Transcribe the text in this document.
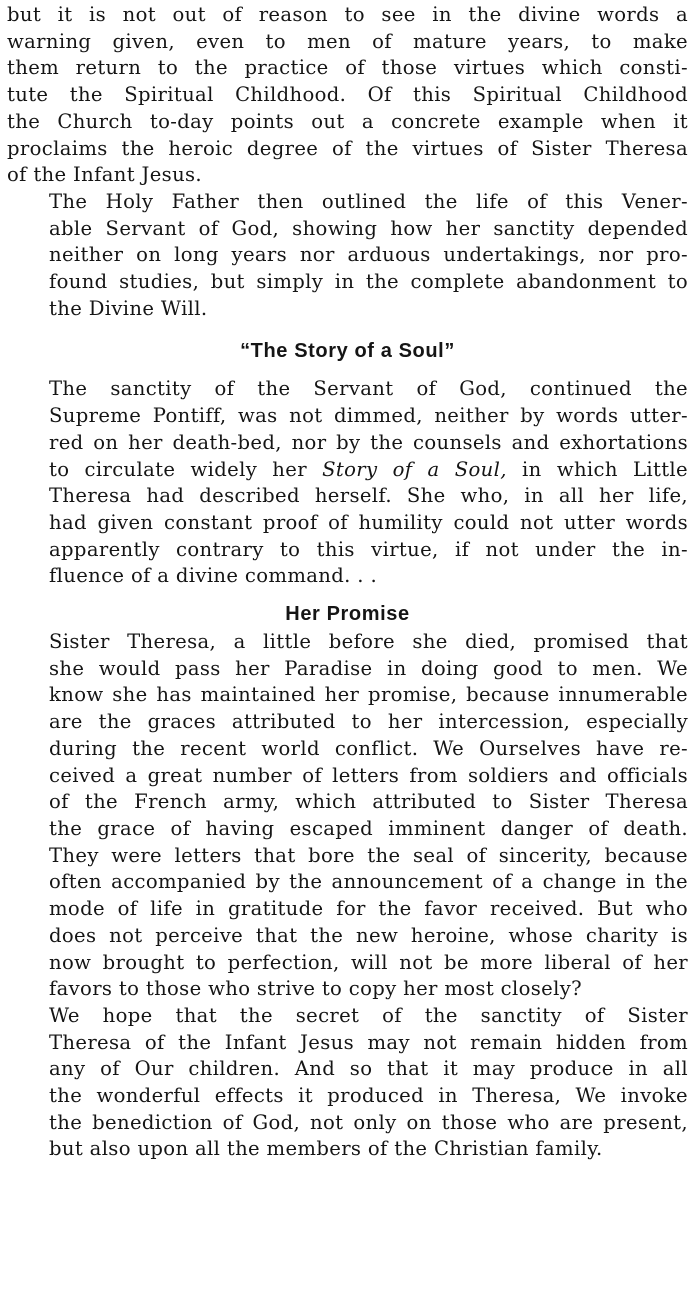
but it is not out of reason to see in the divine words a
warning given, even to men of mature years, to make
them return to the practice of those virtues which consti-
tute the Spiritual Childhood. Of this Spiritual Childhood
the Church to-day points out a concrete example when it
proclaims the heroic degree of the virtues of Sister Theresa
of the Infant Jesus.

The Holy Father then outlined the life of this Vener-
able Servant of God, showing how her sanctity depended
neither on long years nor arduous undertakings, nor pro-
found studies, but simply in the complete abandonment to
the Divine Will.

“The Story of a Soul”

The sanctity of the Servant of God, continued the
Supreme Pontiff, was not dimmed, neither by words utter-
red on her death-bed, nor by the counsels and exhortations
to circulate widely her Story of a Soul, in which Little
Theresa had described herself. She who, in all her life,
had given constant proof of humility could not utter words
apparently contrary to this virtue, if not under the in-
fluence of a divine command. . .

Her Promise

Sister Theresa, a little before she died, promised that
she would pass her Paradise in doing good to men. We
know she has maintained her promise, because innumerable
are the graces attributed to her intercession, especially
during the recent world conflict. We Ourselves have re-
ceived a great number of letters from soldiers and officials
of the French army, which attributed to Sister Theresa
the grace of having escaped imminent danger of death.
They were letters that bore the seal of sincerity, because
often accompanied by the announcement of a change in the
mode of life in gratitude for the favor received. But who
does not perceive that the new heroine, whose charity is
now brought to perfection, will not be more liberal of her
favors to those who strive to copy her most closely?

We hope that the secret of the sanctity of Sister
Theresa of the Infant Jesus may not remain hidden from
any of Our children. And so that it may produce in all
the wonderful effects it produced in Theresa, We invoke
the benediction of God, not only on those who are present,
but also upon all the members of the Christian family.
